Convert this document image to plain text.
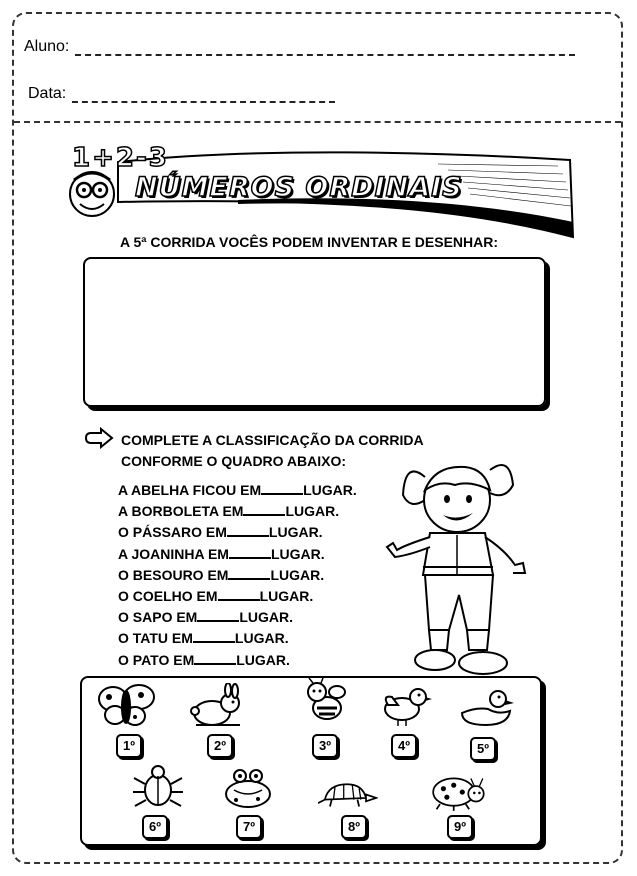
Aluno:
Data:
1+2-3
NÚMEROS ORDINAIS
A 5ª CORRIDA VOCÊS PODEM INVENTAR E DESENHAR:
COMPLETE A CLASSIFICAÇÃO DA CORRIDA
CONFORME O QUADRO ABAIXO:
A ABELHA FICOU EM	LUGAR.
A BORBOLETA EM	LUGAR.
O PÁSSARO EM	LUGAR.
A JOANINHA EM	LUGAR.
O BESOURO EM	LUGAR.
O COELHO EM	LUGAR.
O SAPO EM	LUGAR.
O TATU EM	LUGAR.
O PATO EM	LUGAR.
1º	2º	3º	4º	5º
6º	7º	8º	9º
